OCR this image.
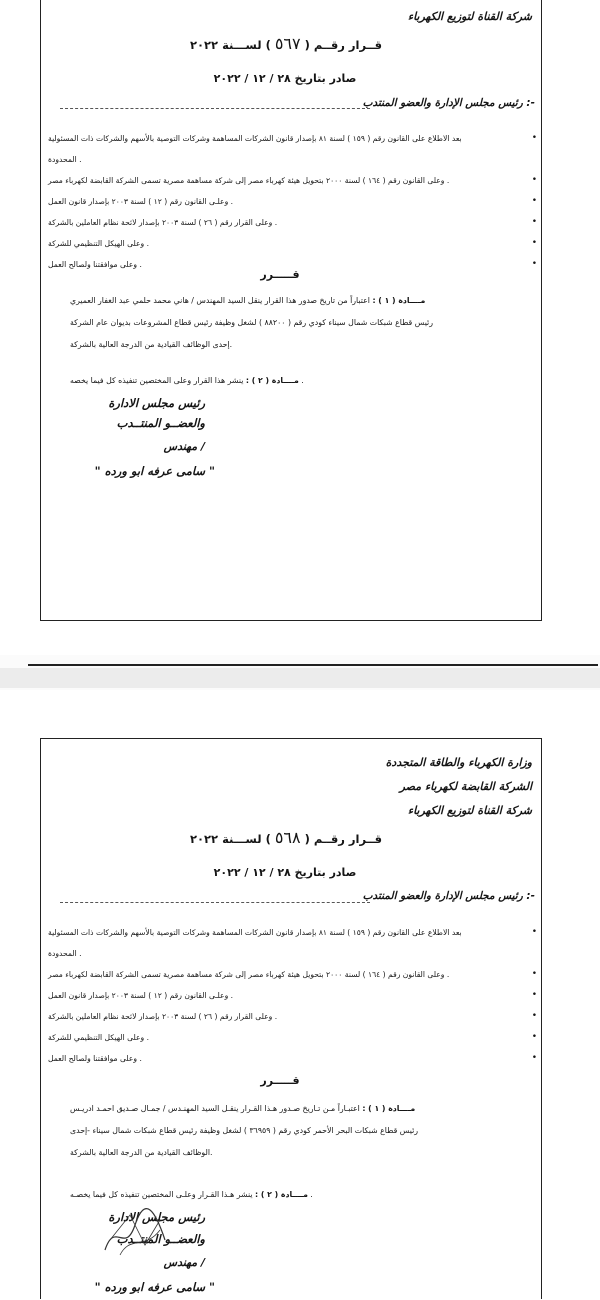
شركة القناة لتوزيع الكهرباء
قــرار رقــم ( ٥٦٧ ) لســـنة ٢٠٢٢
صادر بتاريخ ٢٨ / ١٢ / ٢٠٢٢
رئيس مجلس الإدارة والعضو المنتدب :-
• بعد الاطلاع على القانون رقم ( ١٥٩ ) لسنة ٨١ بإصدار قانون الشركات المساهمة وشركات التوصية بالأسهم والشركات ذات المسئولية
المحدودة .
• وعلى القانون رقم ( ١٦٤ ) لسنة ٢٠٠٠ بتحويل هيئة كهرباء مصر إلى شركة مساهمة مصرية تسمى الشركة القابضة لكهرباء مصر .
• وعلـى القانون رقم ( ١٢ ) لسنة ٢٠٠٣ بإصدار قانون العمل .
• وعلى القرار رقم ( ٢٦ ) لسنة ٢٠٠٣ بإصدار لائحة نظام العاملين بالشركة .
• وعلى الهيكل التنظيمي للشركة .
• وعلى موافقتنا ولصالح العمل .
قـــــرر
مــــادة ( ١ ) : اعتباراً من تاريخ صدور هذا القرار ينقل السيد المهندس / هاني محمد حلمي عبد الغفار العميري
رئيس قطاع شبكات شمال سيناء كودي رقم ( ٨٨٢٠٠ ) لشغل وظيفة رئيس قطاع المشروعات بديوان عام الشركة
إحدى الوظائف القيادية من الدرجة العالية بالشركة.
مــــادة ( ٢ ) : ينشر هذا القرار وعلى المختصين تنفيذه كل فيما يخصه .
رئيس مجلس الادارة
والعضــو المنتــدب
مهندس /
" سامى عرفه ابو ورده "
وزارة الكهرباء والطاقة المتجددة
الشركة القابضة لكهرباء مصر
شركة القناة لتوزيع الكهرباء
قــرار رقــم ( ٥٦٨ ) لســـنة ٢٠٢٢
صادر بتاريخ ٢٨ / ١٢ / ٢٠٢٢
رئيس مجلس الإدارة والعضو المنتدب :-
• بعد الاطلاع على القانون رقم ( ١٥٩ ) لسنة ٨١ بإصدار قانون الشركات المساهمة وشركات التوصية بالأسهم والشركات ذات المسئولية
المحدودة .
• وعلى القانون رقم ( ١٦٤ ) لسنة ٢٠٠٠ بتحويل هيئة كهرباء مصر إلى شركة مساهمة مصرية تسمى الشركة القابضة لكهرباء مصر .
• وعلـى القانون رقم ( ١٢ ) لسنة ٢٠٠٣ بإصدار قانون العمل .
• وعلى القرار رقم ( ٢٦ ) لسنة ٢٠٠٣ بإصدار لائحة نظام العاملين بالشركة .
• وعلى الهيكل التنظيمي للشركة .
• وعلى موافقتنا ولصالح العمل .
قـــــرر
مــــادة ( ١ ) : اعتبـاراً مـن تـاريخ صـدور هـذا القـرار ينقـل السيد المهنـدس / جمـال صـديق احمـد ادريـس
رئيس قطاع شبكات البحر الأحمر كودي رقم ( ٣٦٩٥٩ ) لشغل وظيفة رئيس قطاع شبكات شمال سيناء -إحدى
الوظائف القيادية من الدرجة العالية بالشركة.
مــــادة ( ٢ ) : ينشر هـذا القـرار وعلـى المختصين تنفيذه كل فيما يخصـه .
رئيس مجلس الادارة
والعضــو المنتــدب
مهندس /
" سامى عرفه ابو ورده "
